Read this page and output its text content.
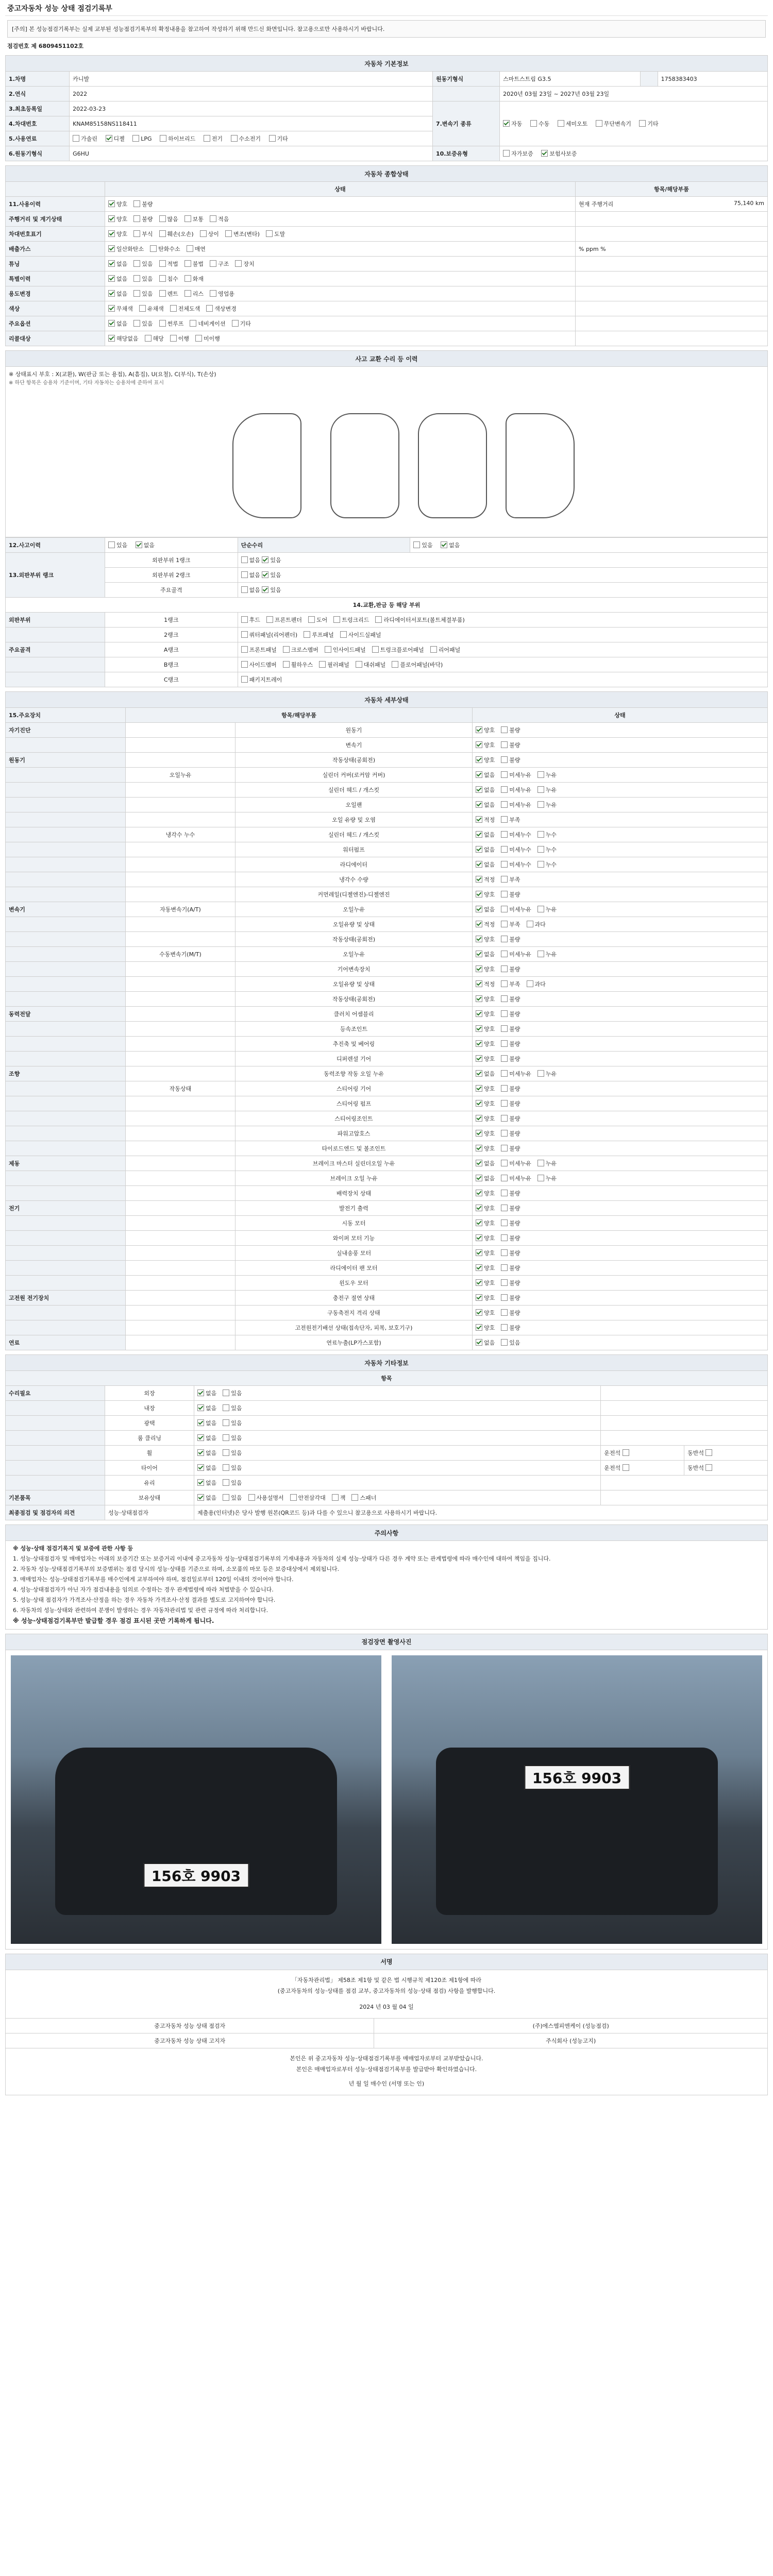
중고자동차 성능 상태 점검기록부
[주의] 본 성능점검기록부는 실제 교부된 성능점검기록부의 확정내용을 참고하여 작성하기 위해 만드신 화면입니다. 참고용으로만 사용하시기 바랍니다.
점검번호 제 6809451102호
자동차 기본정보					
1.차명	카니발	원동기형식	스마트스트림 G3.5		1758383403
2.연식	2022		2020년 03월 23일 ~ 2027년 03월 23일		
3.최초등록일	2022-03-23	7.변속기 종류	자동 수동 세미오토 무단변속기 기타		
4.차대번호	KNAM85158NS118411				
5.사용연료	가솔린 디젤 LPG 하이브리드 전기 수소전기 기타				
6.원동기형식	G6HU	10.보증유형	자가보증 보험사보증		
자동차 종합상태		
	상태	항목/해당부품
11.사용이력	양호 불량	현재 주행거리 75,140 km

주행거리 및 계기상태	양호 불량 많음 보통 적음	
차대번호표기	양호 부식 훼손(오손) 상이 변조(변타) 도말	
배출가스	일산화탄소 탄화수소 매연	% ppm %
튜닝	없음 있음 적법 불법 구조 장치	
특별이력	없음 있음 침수 화재	
용도변경	없음 있음 렌트 리스 영업용	
색상	무채색 유채색 전체도색 색상변경	
주요옵션	없음 있음 썬루프 네비게이션 기타	
리콜대상	해당없음 해당 이행 미이행	
사고 교환 수리 등 이력
※ 상태표시 부호 : X(교환), W(판금 또는 용접), A(흠집), U(요철), C(부식), T(손상)
※ 하단 항목은 승용차 기준이며, 기타 자동차는 승용차에 준하여 표시
12.사고이력	있음 없음	단순수리	있음 없음
13.외판부위 랭크	외판부위 1랭크	없음 있음	
	외판부위 2랭크	없음 있음	
	주요골격	없음 있음	
14.교환,판금 등 해당 부위			
외판부위	1랭크	후드 프론트펜더 도어 트렁크리드 라디에이터서포트(볼트체결부품)	
	2랭크	쿼터패널(리어펜더) 루프패널 사이드실패널	
주요골격	A랭크	프론트패널 크로스멤버 인사이드패널 트렁크플로어패널 리어패널	
	B랭크	사이드멤버 휠하우스 필러패널 대쉬패널 플로어패널(바닥)	
	C랭크	패키지트레이	
자동차 세부상태			
15.주요장치	항목/해당부품		상태
자기진단		원동기	양호 불량
		변속기	양호 불량
원동기		작동상태(공회전)	양호 불량
	오일누유	실린더 커버(로커암 커버)	없음 미세누유 누유
		실린더 헤드 / 개스킷	없음 미세누유 누유
		오일팬	없음 미세누유 누유
		오일 유량 및 오염	적정 부족
	냉각수 누수	실린더 헤드 / 개스킷	없음 미세누수 누수
		워터펌프	없음 미세누수 누수
		라디에이터	없음 미세누수 누수
		냉각수 수량	적정 부족
		커먼레일(디젤엔진)-디젤엔진	양호 불량
변속기	자동변속기(A/T)	오일누유	없음 미세누유 누유
		오일유량 및 상태	적정 부족 과다
		작동상태(공회전)	양호 불량
	수동변속기(M/T)	오일누유	없음 미세누유 누유
		기어변속장치	양호 불량
		오일유량 및 상태	적정 부족 과다
		작동상태(공회전)	양호 불량
동력전달		클러치 어셈블리	양호 불량
		등속조인트	양호 불량
		추진축 및 베어링	양호 불량
		디퍼렌셜 기어	양호 불량
조향		동력조향 작동 오일 누유	없음 미세누유 누유
	작동상태	스티어링 기어	양호 불량
		스티어링 펌프	양호 불량
		스티어링조인트	양호 불량
		파워고압호스	양호 불량
		타이로드엔드 및 볼조인트	양호 불량
제동		브레이크 마스터 실린더오일 누유	없음 미세누유 누유
		브레이크 오일 누유	없음 미세누유 누유
		배력장치 상태	양호 불량
전기		발전기 출력	양호 불량
		시동 모터	양호 불량
		와이퍼 모터 기능	양호 불량
		실내송풍 모터	양호 불량
		라디에이터 팬 모터	양호 불량
		윈도우 모터	양호 불량
고전원 전기장치		충전구 절연 상태	양호 불량
		구동축전지 격리 상태	양호 불량
		고전원전기배선 상태(접속단자, 피복, 보호기구)	양호 불량
연료		연료누출(LP가스포함)	없음 있음
자동차 기타정보				
항목				
수리필요	외장	없음 있음		
	내장	없음 있음		
	광택	없음 있음		
	룸 클리닝	없음 있음		
	휠	없음 있음	운전석	동반석
	타이어	없음 있음	운전석	동반석
	유리	없음 있음		
기본품목	보유상태	없음 있음 사용설명서 안전삼각대 잭 스패너		
최종점검 및 점검자의 의견	성능·상태점검자	제출용(인터넷)은 당사 발행 원본(QR코드 등)과 다를 수 있으니 참고용으로 사용하시기 바랍니다.		
주의사항

※ 성능·상태 점검기록지 및 보증에 관한 사항 등

1. 성능·상태점검자 및 매매업자는 아래의 보증기간 또는 보증거리 이내에 중고자동차 성능·상태점검기록부의 기재내용과 자동차의 실제 성능·상태가 다른 경우 계약 또는 관계법령에 따라 매수인에 대하여 책임을 집니다.

2. 자동차 성능·상태점검기록부의 보증범위는 점검 당시의 성능·상태를 기준으로 하며, 소모품의 마모 등은 보증대상에서 제외됩니다.

3. 매매업자는 성능·상태점검기록부를 매수인에게 교부하여야 하며, 점검일로부터 120일 이내의 것이어야 합니다.

4. 성능·상태점검자가 아닌 자가 점검내용을 임의로 수정하는 경우 관계법령에 따라 처벌받을 수 있습니다.

5. 성능·상태 점검자가 가격조사·산정을 하는 경우 자동차 가격조사·산정 결과를 별도로 고지하여야 합니다.

6. 자동차의 성능·상태와 관련하여 분쟁이 발생하는 경우 자동차관리법 및 관련 규정에 따라 처리합니다.

※ 성능·상태점검기록부만 발급할 경우 점검 표시된 곳만 기록하게 됩니다.

점검장면 촬영사진
156호 9903
156호 9903
서명	

「자동차관리법」 제58조 제1항 및 같은 법 시행규칙 제120조 제1항에 따라
(중고자동차의 성능·상태를 점검 교부, 중고자동차의 성능·상태 점검) 사항을 발행합니다.
2024 년 03 월 04 일	

중고자동차 성능 상태 점검자	(주)에스엠피엔케이 (성능점검)
중고자동차 성능 상태 고지자	주식회사 (성능고지)

본인은 위 중고자동차 성능·상태점검기록부를 매매업자로부터 교부받았습니다.
본인은 매매업자로부터 성능·상태점검기록부를 발급받아 확인하였습니다.
년 월 일 매수인 (서명 또는 인)	
